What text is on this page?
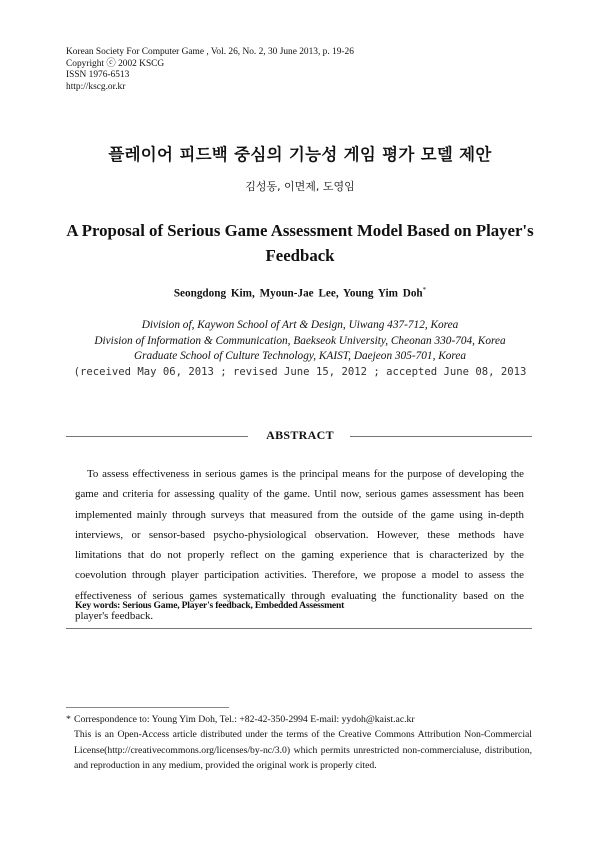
Korean Society For Computer Game , Vol. 26, No. 2, 30 June 2013, p. 19-26
Copyright ⓒ 2002 KSCG
ISSN 1976-6513
http://kscg.or.kr
플레이어 피드백 중심의 기능성 게임 평가 모델 제안
김성동, 이면제, 도영임
A Proposal of Serious Game Assessment Model Based on Player's Feedback
Seongdong Kim, Myoun-Jae Lee, Young Yim Doh*
Division of, Kaywon School of Art & Design, Uiwang 437-712, Korea
Division of Information & Communication, Baekseok University, Cheonan 330-704, Korea
Graduate School of Culture Technology, KAIST, Daejeon 305-701, Korea
(received May 06, 2013 ; revised June 15, 2012 ; accepted June 08, 2013
ABSTRACT
To assess effectiveness in serious games is the principal means for the purpose of developing the game and criteria for assessing quality of the game. Until now, serious games assessment has been implemented mainly through surveys that measured from the outside of the game using in-depth interviews, or sensor-based psycho-physiological observation. However, these methods have limitations that do not properly reflect on the gaming experience that is characterized by the coevolution through player participation activities. Therefore, we propose a model to assess the effectiveness of serious games systematically through evaluating the functionality based on the player's feedback.
Key words: Serious Game, Player's feedback, Embedded Assessment
* Correspondence to: Young Yim Doh, Tel.: +82-42-350-2994 E-mail: yydoh@kaist.ac.kr
This is an Open-Access article distributed under the terms of the Creative Commons Attribution Non-Commercial License(http://creativecommons.org/licenses/by-nc/3.0) which permits unrestricted non-commercialuse, distribution, and reproduction in any medium, provided the original work is properly cited.
